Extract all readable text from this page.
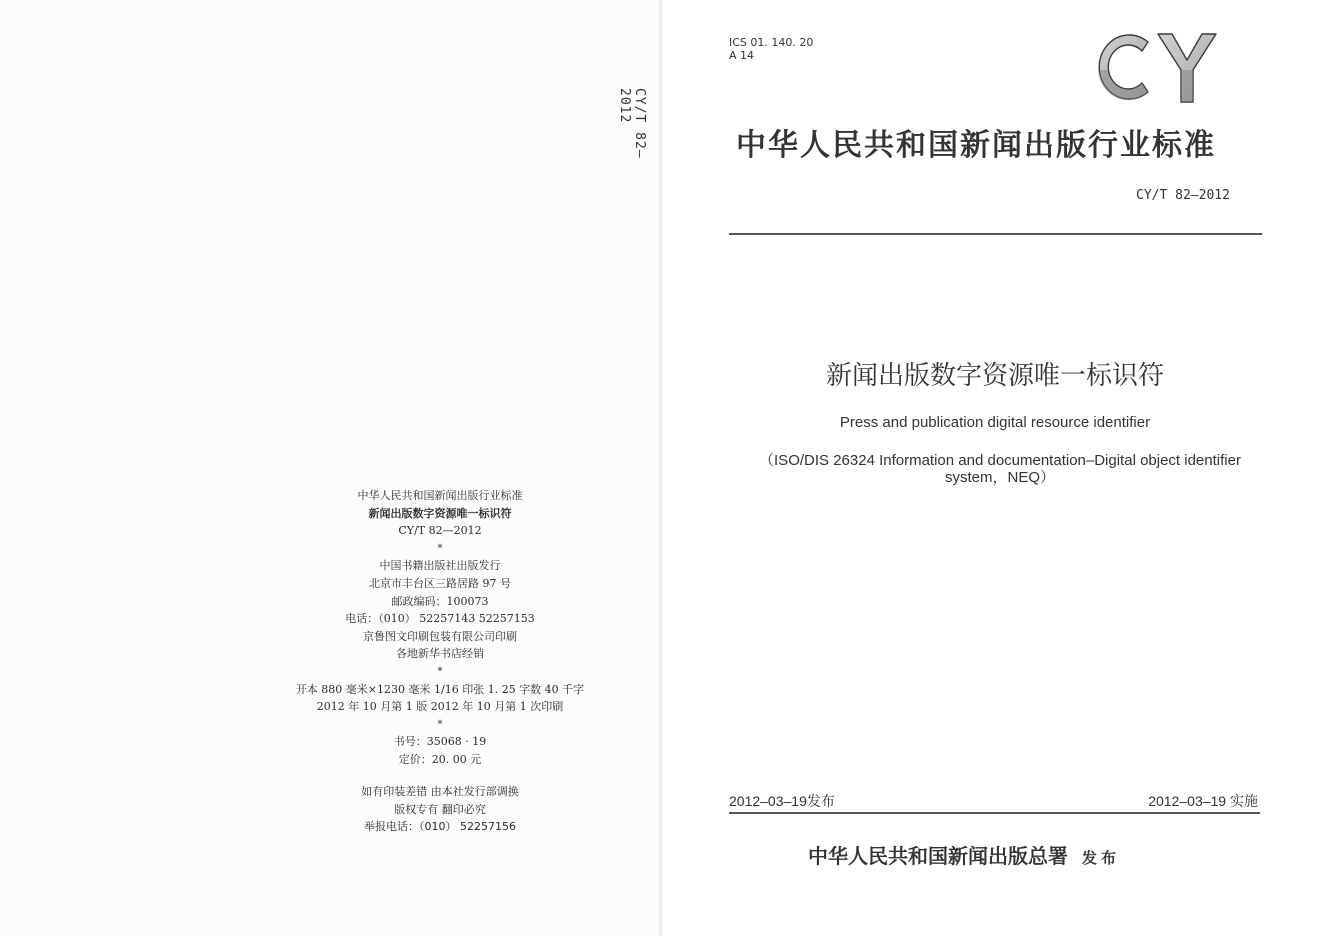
CY/T 82—2012
中华人民共和国新闻出版行业标准
新闻出版数字资源唯一标识符
CY/T 82—2012
*
中国书籍出版社出版发行
北京市丰台区三路居路 97 号
邮政编码：100073
电话：（010） 52257143 52257153
京鲁图文印刷包装有限公司印刷
各地新华书店经销
*
开本 880 毫米×1230 毫米 1/16 印张 1. 25 字数 40 千字
2012 年 10 月第 1 版 2012 年 10 月第 1 次印刷
*
书号：35068 · 19
定价：20. 00 元
如有印装差错 由本社发行部调换
版权专有 翻印必究
举报电话：（010） 52257156
ICS 01. 140. 20
A 14
中华人民共和国新闻出版行业标准
CY/T 82—2012
新闻出版数字资源唯一标识符
Press and publication digital resource identifier
（ISO/DIS 26324 Information and documentation–Digital object identifier
system，NEQ）
2012–03–19发布	2012–03–19 实施
中华人民共和国新闻出版总署 发布
